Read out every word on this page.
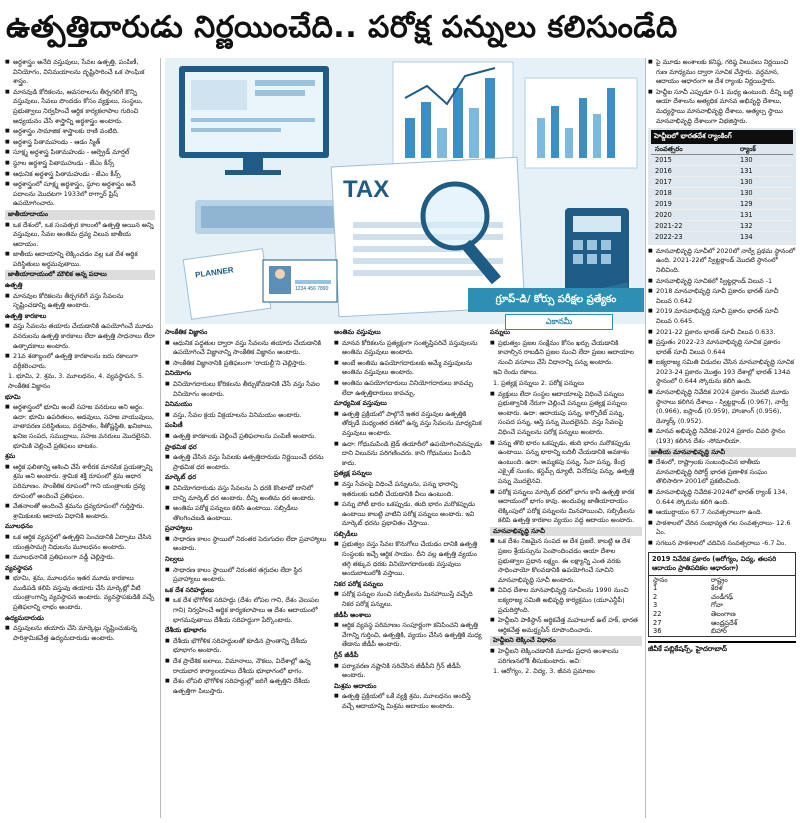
ఉత్పత్తిదారుడు నిర్ణయించేది.. పరోక్ష పన్నులు కలిసుండేది

■ అర్థశాస్త్రం అనేది వస్తువులు, సేవల ఉత్పత్తి, పంపిణీ, వినియోగం, వినిమయాలను దృష్టిసారించే ఒక సాంఘిక శాస్త్రం.

■ మానవుడి కోరికలను, ఆవసరాలను తీర్చగలిగే కొన్ని వస్తువులు, సేవలు పొందడం కోసం వ్యక్తులు, సంస్థలు, ప్రభుత్వాలు నిర్వహించే ఆర్థిక కార్యకలాపాల గురించి అధ్యయనం చేసే శాస్త్రాన్ని అర్థశాస్త్రం అంటారు.

■ అర్థశాస్త్రం సామాజిక శాస్త్రాలకు రాణి వంటిది.

■ అర్థశాస్త్ర పితామహుడు - ఆడం స్మిత్

■ సూక్ష్మ అర్థశాస్త్ర పితామహుడు - ఆల్ఫ్రెడ్ మార్షల్

■ స్థూల అర్థశాస్త్ర పితామహుడు - జేఎం కీన్స్

■ ఆధునిక అర్థశాస్త్ర పితామహుడు - జేఎం కీన్స్

■ అర్థశాస్త్రంలో సూక్ష్మ అర్థశాస్త్రం, స్థూల అర్థశాస్త్రం అనే పదాలను మొదటగా 1933లో రాగ్నార్ ఫ్రిష్ ఉపయోగించారు.

జాతీయాదాయం

■ ఒక దేశంలో, ఒక సంవత్సర కాలంలో ఉత్పత్తి అయిన అన్ని వస్తువులు, సేవల అంతిమ ద్రవ్య విలువ జాతీయ ఆదాయం.

■ జాతీయ ఆదాయాన్ని లెక్కించడం వల్ల ఒక దేశ ఆర్థిక పరిస్థితులు అర్థమవుతాయి.

జాతీయాదాయంలో మౌలిక అన్న పదాలు

ఉత్పత్తి

■ మానవుల కోరికలను తీర్చగలిగే వస్తు సేవలను సృష్టించడాన్ని ఉత్పత్తి అంటారు.

ఉత్పత్తి కారకాలు

■ వస్తు సేవలను తయారు చేయడానికి ఉపయోగించే మూడు వనరులను ఉత్పత్తి కారకాలు లేదా ఉత్పత్తి సాధనాలు లేదా ఉత్పాదకాలు అంటారు.

■ 21వ శతాబ్దంలో ఉత్పత్తి కారకాలను ఐదు రకాలుగా వర్గీకరించారు.

1. భూమి, 2. శ్రమ, 3. మూలధనం, 4. వ్యవస్థాపన, 5. సాంకేతిక విజ్ఞానం

భూమి

■ అర్థశాస్త్రంలో భూమి అంటే సహజ వనరులు అని అర్థం. ఉదా: భూమి ఉపరితలం, అడవులు, సహజ వాయువులు, వాతావరణ పరిస్థితులు, వర్షపాతం, శీతోష్ణస్థితి, ఖనిజాలు, ఖనిజ సంపద, సముద్రాలు, సహజ వనరులు మొదలైనవి. భూమికి చెల్లించే ప్రతిఫలం బాటకం.

శ్రమ

■ ఆర్థిక ఫలితాన్ని ఆశించి చేసే శారీరక మానసిక ప్రయత్నాన్ని శ్రమ అని అంటారు. శ్రామిక శక్తి రూపంలో శ్రమ ఆధార పరిమాణం. సాంకేతిక రూపంలో గాని యంత్రాలకు ద్రవ్య రూపంలో అందించే ప్రతిఫలం.

■ వేతనాలతో అందించే శ్రమను ద్రవ్యరూపంలో గుర్తిస్తారు. శ్రామికులకు ఆదాయ విధానికి అంటారు.

మూలధనం

■ ఒక ఆర్థిక వ్యవస్థలో ఉత్పత్తిని పెంచడానికి ఏర్పాటు చేసిన యంత్రసామగ్రి నిధులను మూలధనం అంటారు.

■ మూలధనానికి ప్రతిఫలంగా వడ్డీ చెల్లిస్తారు.

వ్యవస్థాపన

■ భూమి, శ్రమ, మూలధనం ఇతర మూడు కారకాలు ముడిపడి కలిపి వస్తువు తయారు చేసి మార్కెట్లో వీటి యంత్రాంగాన్ని వ్యవస్థాపన అంటారు. వ్యవస్థాపకుడికి వచ్చే ప్రతిఫలాన్ని లాభం అంటారు.

ఉద్యమదారుడు

■ వస్తువులను తయారు చేసి మార్కెట్లు సృష్టించుకున్న పారిశ్రామికవేత్త ఉద్యమదారుడు అంటారు.

TAX
PLANNER
1234 456 7890
గ్రూప్-డి/ కోర్సు పరీక్షల ప్రత్యేకం
ఎకానమీ

సాంకేతిక విజ్ఞానం

■ ఆధునిక పద్ధతుల ద్వారా వస్తు సేవలను తయారు చేయడానికి ఉపయోగించే విజ్ఞానాన్ని సాంకేతిక విజ్ఞానం అంటారు.

■ సాంకేతిక విజ్ఞానానికి ప్రతిఫలంగా 'రాయల్టీ'ని చెల్లిస్తారు.

వినియోగం

■ వినియోగదారులు కోరికలను తీర్చుకోవడానికి చేసే వస్తు సేవల వినియోగం అంటారు.

వినిమయం

■ వస్తు, సేవల క్రయ విక్రయాలను వినిమయం అంటారు.

పంపిణీ

■ ఉత్పత్తి కారకాలకు చెల్లించే ప్రతిఫలాలను పంపిణీ అంటారు.

ప్రాథమిక ధర

■ ఉత్పత్తి చేసిన వస్తు సేవలకు ఉత్పత్తిదారుడు నిర్ణయించే ధరను ప్రాథమిక ధర అంటారు.

మార్కెట్ ధర

■ వినియోగదారుడు వస్తు సేవలను ఏ ధరకి కొంటాడో దానిలో దాన్ని మార్కెట్ ధర అంటారు. దీన్ని అంతిమ ధర అంటారు.

■ అంతిమ పరోక్ష పన్నులు కలిసి ఉంటాయి. సబ్సిడీలు తొలగించబడి ఉంటాయి.

ప్రవాహ్యాలు

■ సాధారణ కాలం స్థాయిలో నిరంతర పెరుగుదల లేదా ప్రవాహ్యాలు అంటారు.

నిల్వలు

■ సాధారణ కాలం స్థాయిలో నిరంతర తగ్గుదల లేదా స్థిర ప్రవాహ్యాలు అంటారు.

ఒక దేశ సరిహద్దులు

■ ఒక దేశ భౌగోళిక సరిహద్దు (దేశం లోపల గాని, దేశం వెలుపల గాని) నిర్వహించే ఆర్థిక కార్యకలాపాలు ఆ దేశం ఆదాయంలో భాగమవుతాయి దేశీయ సరిహద్దుగా పేర్కొంటారు.

దేశీయ భూభాగం

■ దేశీయ భౌగోళిక సరిహద్దులతో కూడిన ప్రాంతాన్ని దేశీయ భూభాగం అంటారు.

■ దేశ ప్రాదేశిక జలాలు, విమానాలు, నౌకలు, విదేశాల్లో ఉన్న రాయబార కార్యాలయాలు దేశీయ భూభాగంలో భాగం.

■ దేశం లోపలి భౌగోళిక సరిహద్దుల్లో జరిగే ఉత్పత్తిని దేశీయ ఉత్పత్తిగా పిలుస్తారు.

అంతిమ వస్తువులు

■ మానవ కోరికలను ప్రత్యక్షంగా సంతృప్తిపరిచే వస్తువులను అంతిమ వస్తువులు అంటారు.

■ అంటే అంతిమ ఉపయోగదారులకు అమ్మే వస్తువులను అంతిమ వస్తువులు అంటారు.

■ అంతిమ ఉపయోగదారులు వినియోగదారులు కావచ్చు లేదా ఉత్పత్తిదారులు కావచ్చు.

మాధ్యమిక వస్తువులు

■ ఉత్పత్తి ప్రక్రియలో పాల్గొనే ఇతర వస్తువుల ఉత్పత్తికి తోడ్పడే మధ్యంతర దశలో ఉన్న వస్తు సేవలను మాధ్యమిక వస్తువులు అంటారు.

■ ఉదా: గోధుమపిండి బ్రెడ్ తయారీలో ఉపయోగించినప్పుడు దాని విలువను పరిగణించరు. కాని గోధుమలు పిండిని కాదు.

ప్రత్యక్ష పన్నులు

■ వస్తు సేవలపై విధించే పన్నులను, పన్ను భారాన్ని ఇతరులకు బదిలీ చేయడానికి వీలు ఉంటుంది.

■ పన్ను పోటీ భారం ఒకప్పుడు, తుది భారం మరొకప్పుడు ఉంటాయి కాబట్టి వాటిని పరోక్ష పన్నులు అంటారు. ఇవి మార్కెట్ ధరను ప్రభావితం చేస్తాయి.

సబ్సిడీలు

■ ప్రభుత్వం వస్తు సేవల కొనుగోలు చేయడం దానికి ఉత్పత్తి సంస్థలకు ఇచ్చే ఆర్థిక సాయం. దీని వల్ల ఉత్పత్తి వ్యయం తగ్గి తక్కువ ధరకు వినియోగదారులకు వస్తువులు అందుబాటులోకి వస్తాయి.

నికర పరోక్ష పన్నులు

■ పరోక్ష పన్నుల నుంచి సబ్సిడీలను మినహాయిస్తే వచ్చేది నికర పరోక్ష పన్నులు.

జీడీపీ అంశాలు

■ ఆర్థిక వ్యవస్థ పరిమాణం సంపూర్ణంగా కనిపించని ఉత్పత్తి వేగాన్ని గుర్తించి, ఉత్పత్తికి, వ్యయం చేసిన ఉత్పత్తికి మధ్య తేడాను జీడీపీ అంటారు.

గ్రీన్ జీడీపీ

■ పర్యావరణ నష్టానికి సరిచేసిన జీడీపీని గ్రీన్ జీడీపీ అంటారు.

మిశ్రమ ఆదాయం

■ ఉత్పత్తి ప్రక్రియలో ఒకే వ్యక్తి శ్రమ, మూలధనం అందిస్తే వచ్చే ఆదాయాన్ని మిశ్రమ ఆదాయం అంటారు.

పన్నులు

■ ప్రభుత్వం ప్రజల సంక్షేమం కోసం ఖర్చు చేయడానికి కావాల్సిన రాబడిని ప్రజల నుంచి లేదా ప్రజల ఆదాయాల నుంచి వసూలు చేసే విధానాన్ని పన్ను అంటారు.

ఇవి రెండు రకాలు.

1. ప్రత్యక్ష పన్నులు 2. పరోక్ష పన్నులు

■ వ్యక్తులు లేదా సంస్థల ఆదాయాలపై విధించే పన్నులు ప్రభుత్వానికి నేరుగా చెల్లించే పన్నులు ప్రత్యక్ష పన్నులు అంటారు. ఉదా: ఆదాయపు పన్ను, కార్పొరేట్ పన్ను, సంపద పన్ను, ఆస్తి పన్ను మొదలైనవి. వస్తు సేవలపై విధించే పన్నులను పరోక్ష పన్నులు అంటారు.

■ పన్ను తొలి భారం ఒకప్పుడు, తుది భారం మరొకప్పుడు ఉంటాయి. పన్ను భారాన్ని బదిలీ చేయడానికి అవకాశం ఉంటుంది. ఉదా: అమ్మకపు పన్ను, సేవా పన్ను, కేంద్ర ఎక్సైజ్ సుంకం, కస్టమ్స్ డ్యూటీ, వినోదపు పన్ను, ఉత్పత్తి పన్ను మొదలైనవి.

■ పరోక్ష పన్నులు మార్కెట్ ధరలో భాగం కానీ ఉత్పత్తి కారక ఆదాయంలో భాగం కావు. అందువల్ల జాతీయాదాయం లెక్కింపులో పరోక్ష పన్నులను మినహాయించి, సబ్సిడీలను కలిపి ఉత్పత్తి కారకాల వ్యయం వద్ద ఆదాయం అంటారు.

మానవాభివృద్ధి సూచీ

■ ఒక దేశం నిజమైన సంపద ఆ దేశ ప్రజలే. కాబట్టి ఆ దేశ ప్రజల శ్రేయస్సును పెంపొందించడం ఆయా దేశాల ప్రభుత్వాల ప్రధాన లక్ష్యం. ఈ లక్ష్యాన్ని ఎంత వరకు సాధించాయో కొలవడానికి ఉపయోగించే సూచిని మానవాభివృద్ధి సూచీ అంటారు.

■ వివిధ దేశాల మానవాభివృద్ధి సూచీలను 1990 నుంచి ఐక్యరాజ్య సమితి అభివృద్ధి కార్యక్రమం (యూఎన్డీపీ) ప్రచురిస్తోంది.

■ హెచ్డీఐని పాకిస్థాన్ ఆర్థికవేత్త మహబూబ్ ఉల్ హక్, భారత ఆర్థికవేత్త అమర్త్యసేన్ రూపొందించారు.

హెచ్డీఐని లెక్కించే విధానం

■ హెచ్డీఐని లెక్కించడానికి మూడు ప్రధాన అంశాలను పరిగణనలోకి తీసుకుంటారు. అవి:

1. ఆరోగ్యం, 2. విద్య, 3. జీవన ప్రమాణం

■ పై మూడు అంశాలకు కనిష్ఠ, గరిష్ఠ విలువలు నిర్ణయించి గుణ మాధ్యమం ద్వారా సూచిక చేస్తారు. వర్ధమాన, ఆదాయం ఆధారంగా ఆ దేశ ర్యాంకు నిర్ణయిస్తారు.

■ హెచ్డీఐ సూచీ ఎప్పుడూ 0-1 మధ్య ఉంటుంది. దీన్ని బట్టి ఆయా దేశాలను అత్యధిక మానవ అభివృద్ధి దేశాలు, మధ్యస్థాయి మానవాభివృద్ధి దేశాలు, అత్యల్ప స్థాయి మానవాభివృద్ధి దేశాలుగా విభజిస్తారు.

హెచ్డీఐలో భారతదేశ ర్యాంకింగ్
సంవత్సరం	ర్యాంక్
2015	130
2016	131
2017	130
2018	130
2019	129
2020	131
2021-22	132
2022-23	134

■ మానవాభివృద్ధి సూచీలో 2020లో నార్వే ప్రథమ స్థానంలో ఉంది. 2021-22లో స్విట్జర్లాండ్ మొదటి స్థానంలో నిలిచింది.

■ మానవాభివృద్ధి సూచికలో స్విట్జర్లాండ్ విలువ -1

■ 2018 మానవాభివృద్ధి సూచీ ప్రకారం భారత్ సూచీ విలువ 0.642

■ 2019 మానవాభివృద్ధి సూచీ ప్రకారం భారత్ సూచీ విలువ 0.645.

■ 2021-22 ప్రకారం భారత్ సూచీ విలువ 0.633.

■ ప్రస్తుతం 2022-23 మానవాభివృద్ధి సూచిక ప్రకారం భారత్ సూచీ విలువ 0.644

■ ఐక్యరాజ్య సమితి విడుదల చేసిన మానవాభివృద్ధి సూచిక 2023-24 ప్రకారం మొత్తం 193 దేశాల్లో భారత్ 134వ స్థానంలో 0.644 స్కోరును కలిగి ఉంది.

■ మానవాభివృద్ధి నివేదిక 2024 ప్రకారం మొదటి మూడు స్థానాలు కలిగిన దేశాలు - స్విట్జర్లాండ్ (0.967), నార్వే (0.966), ఐస్లాండ్ (0.959), హాంకాంగ్ (0.956), డెన్మార్క్ (0.952).

■ మానవ అభివృద్ధి నివేదిక-2024 ప్రకారం చివరి స్థానం (193) కలిగిన దేశం -సోమాలియా.

జాతీయ మానవాభివృద్ధి సూచీ

■ దేశంలో, రాష్ట్రాలకు సంబంధించిన జాతీయ మానవాభివృద్ధి రిపోర్ట్ భారత ప్రణాళిక సంఘం తొలిసారిగా 2001లో ప్రకటించింది.

■ మానవాభివృద్ధి నివేదిక-2024లో భారత్ ర్యాంక్ 134, 0.644 స్కోరును కలిగి ఉంది.

■ ఆయుర్దాయం 67.7 సంవత్సరాలుగా ఉంది.

■ పాఠశాలలో చేరిన సంభావ్యత గల సంవత్సరాలు- 12.6 ఏం.

■ సగటున పాఠశాలలో చదివిన సంవత్సరాలు -6.7 ఏం.

2019 నివేదిక ప్రకారం (ఆరోగ్యం, విద్య, తలసరి ఆదాయం ప్రాతిపదికల ఆధారంగా)
స్థానం	రాష్ట్రం
1	కేరళ
2	చండీగఢ్
3	గోవా
22	తెలంగాణ
27	ఆంధ్రప్రదేశ్
36	బిహార్
జీవీకే పబ్లికేషన్స్, హైదరాబాద్
